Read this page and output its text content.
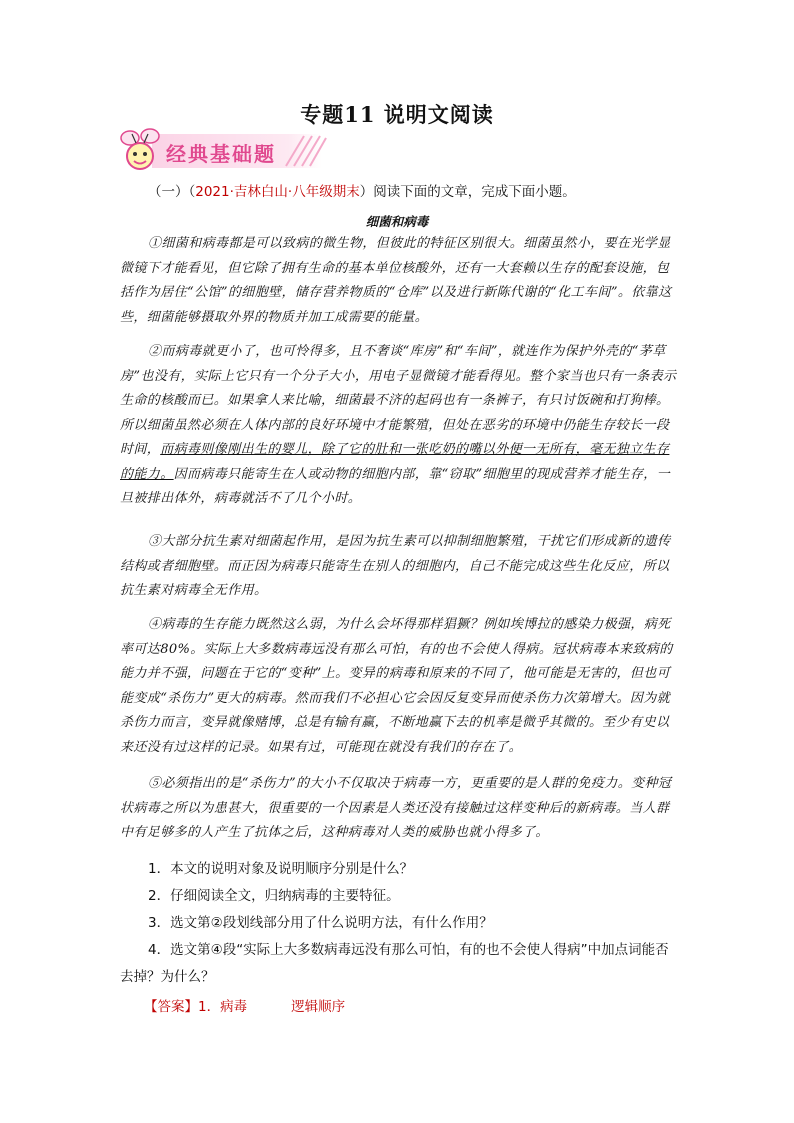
专题11 说明文阅读
经典基础题
（一）（2021·吉林白山·八年级期末）阅读下面的文章，完成下面小题。
细菌和病毒
①细菌和病毒都是可以致病的微生物，但彼此的特征区别很大。细菌虽然小，要在光学显微镜下才能看见，但它除了拥有生命的基本单位核酸外，还有一大套赖以生存的配套设施，包括作为居住“公馆”的细胞壁，储存营养物质的“仓库”以及进行新陈代谢的“化工车间”。依靠这些，细菌能够摄取外界的物质并加工成需要的能量。
②而病毒就更小了，也可怜得多，且不奢谈“库房”和“车间”，就连作为保护外壳的“茅草房”也没有，实际上它只有一个分子大小，用电子显微镜才能看得见。整个家当也只有一条表示生命的核酸而已。如果拿人来比喻，细菌最不济的起码也有一条裤子，有只讨饭碗和打狗棒。所以细菌虽然必须在人体内部的良好环境中才能繁殖，但处在恶劣的环境中仍能生存较长一段时间，而病毒则像刚出生的婴儿，除了它的肚和一张吃奶的嘴以外便一无所有，毫无独立生存的能力。因而病毒只能寄生在人或动物的细胞内部，靠“窃取”细胞里的现成营养才能生存，一旦被排出体外，病毒就活不了几个小时。
③大部分抗生素对细菌起作用，是因为抗生素可以抑制细胞繁殖，干扰它们形成新的遗传结构或者细胞壁。而正因为病毒只能寄生在别人的细胞内，自己不能完成这些生化反应，所以抗生素对病毒全无作用。
④病毒的生存能力既然这么弱，为什么会坏得那样猖獗？例如埃博拉的感染力极强，病死率可达80%。实际上大多数病毒远没有那么可怕，有的也不会使人得病。冠状病毒本来致病的能力并不强，问题在于它的“变种”上。变异的病毒和原来的不同了，他可能是无害的，但也可能变成“杀伤力”更大的病毒。然而我们不必担心它会因反复变异而使杀伤力次第增大。因为就杀伤力而言，变异就像赌博，总是有输有赢，不断地赢下去的机率是微乎其微的。至少有史以来还没有过这样的记录。如果有过，可能现在就没有我们的存在了。
⑤必须指出的是“杀伤力”的大小不仅取决于病毒一方，更重要的是人群的免疫力。变种冠状病毒之所以为患甚大，很重要的一个因素是人类还没有接触过这样变种后的新病毒。当人群中有足够多的人产生了抗体之后，这种病毒对人类的威胁也就小得多了。
1．本文的说明对象及说明顺序分别是什么？
2．仔细阅读全文，归纳病毒的主要特征。
3．选文第②段划线部分用了什么说明方法，有什么作用？
4．选文第④段“实际上大多数病毒远没有那么可怕，有的也不会使人得病”中加点词能否去掉？为什么？
【答案】1．病毒	逻辑顺序
